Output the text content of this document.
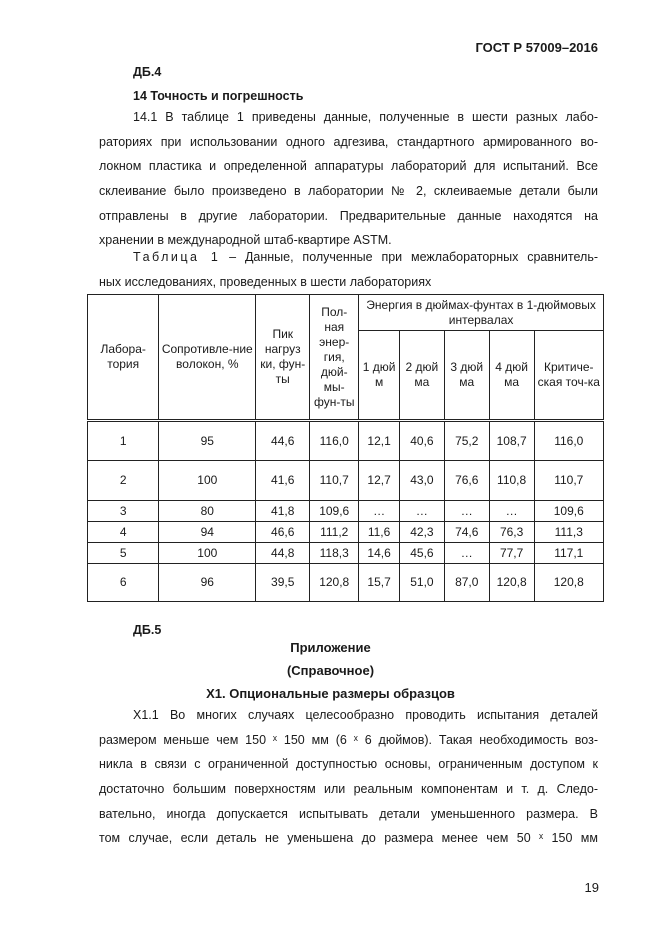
ГОСТ Р 57009–2016
ДБ.4
14 Точность и погрешность
14.1 В таблице 1 приведены данные, полученные в шести разных лабо-
раториях при использовании одного адгезива, стандартного армированного во-
локном пластика и определенной аппаратуры лабораторий для испытаний. Все
склеивание было произведено в лаборатории № 2, склеиваемые детали были
отправлены в другие лаборатории. Предварительные данные находятся на
хранении в международной штаб-квартире ASTM.
Таблица 1 – Данные, полученные при межлабораторных сравнитель-
ных исследованиях, проведенных в шести лабораториях
Лабора-тория	Сопротивле-ние волокон, %	Пик нагруз ки, фун-ты	Пол-ная энер-гия, дюй-мы-фун-ты	Энергия в дюймах-фунтах в 1-дюймовых интервалах				
				1 дюй м	2 дюй ма	3 дюй ма	4 дюй ма	Критиче-ская точ-ка
1	95	44,6	116,0	12,1	40,6	75,2	108,7	116,0
2	100	41,6	110,7	12,7	43,0	76,6	110,8	110,7
3	80	41,8	109,6	…	…	…	…	109,6
4	94	46,6	111,2	11,6	42,3	74,6	76,3	111,3
5	100	44,8	118,3	14,6	45,6	…	77,7	117,1
6	96	39,5	120,8	15,7	51,0	87,0	120,8	120,8
ДБ.5
Приложение
(Справочное)
X1. Опциональные размеры образцов
X1.1 Во многих случаях целесообразно проводить испытания деталей
размером меньше чем 150 ˣ 150 мм (6 ˣ 6 дюймов). Такая необходимость воз-
никла в связи с ограниченной доступностью основы, ограниченным доступом к
достаточно большим поверхностям или реальным компонентам и т. д. Следо-
вательно, иногда допускается испытывать детали уменьшенного размера. В
том случае, если деталь не уменьшена до размера менее чем 50 ˣ 150 мм
19
